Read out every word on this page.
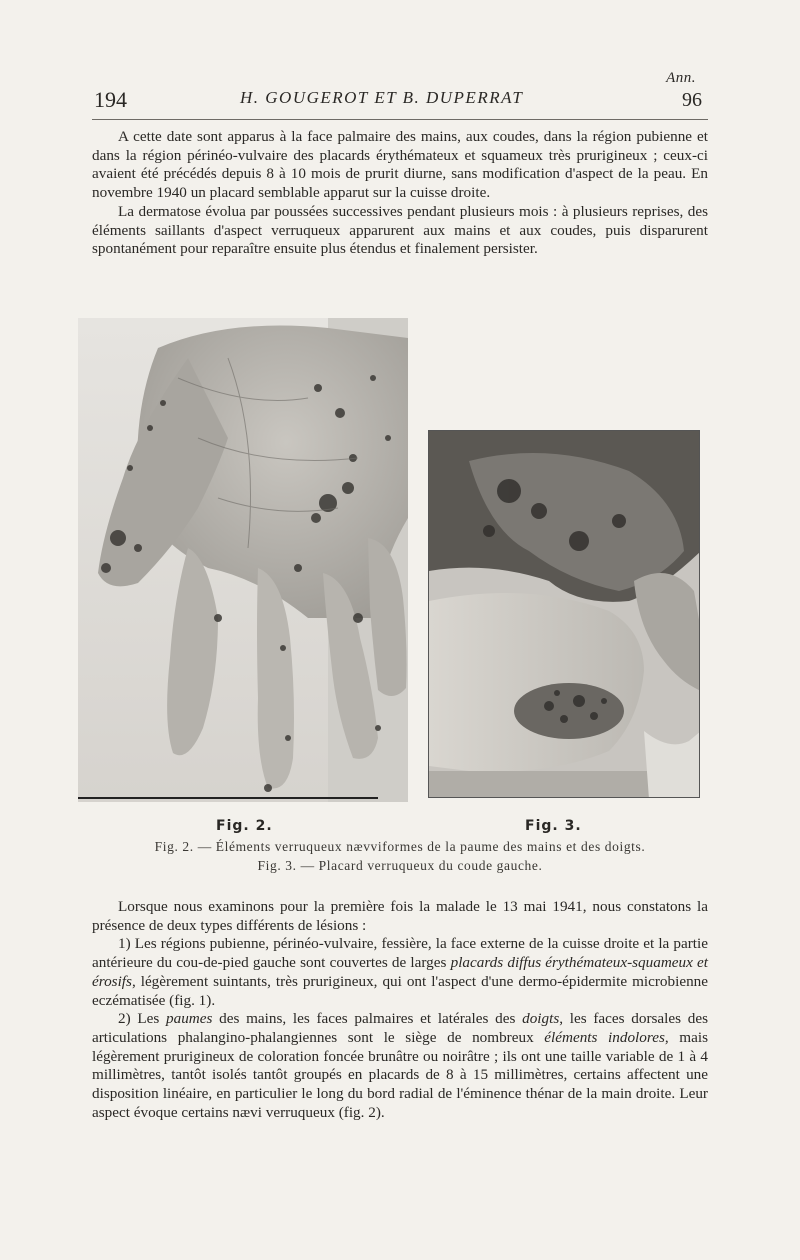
Ann.
194	H. GOUGEROT ET B. DUPERRAT	96

A cette date sont apparus à la face palmaire des mains, aux coudes, dans la région pubienne et dans la région périnéo-vulvaire des placards érythémateux et squameux très prurigineux ; ceux-ci avaient été précédés depuis 8 à 10 mois de prurit diurne, sans modification d'aspect de la peau. En novembre 1940 un placard semblable apparut sur la cuisse droite.

La dermatose évolua par poussées successives pendant plusieurs mois : à plusieurs reprises, des éléments saillants d'aspect verruqueux apparurent aux mains et aux coudes, puis disparurent spontanément pour reparaître ensuite plus étendus et finalement persister.

Fig. 2.	Fig. 3.
Fig. 2. — Éléments verruqueux nævviformes de la paume des mains et des doigts.
Fig. 3. — Placard verruqueux du coude gauche.

Lorsque nous examinons pour la première fois la malade le 13 mai 1941, nous constatons la présence de deux types différents de lésions :

1) Les régions pubienne, périnéo-vulvaire, fessière, la face externe de la cuisse droite et la partie antérieure du cou-de-pied gauche sont couvertes de larges placards diffus érythémateux-squameux et érosifs, légèrement suintants, très prurigineux, qui ont l'aspect d'une dermo-épidermite microbienne eczématisée (fig. 1).

2) Les paumes des mains, les faces palmaires et latérales des doigts, les faces dorsales des articulations phalangino-phalangiennes sont le siège de nombreux éléments indolores, mais légèrement prurigineux de coloration foncée brunâtre ou noirâtre ; ils ont une taille variable de 1 à 4 millimètres, tantôt isolés tantôt groupés en placards de 8 à 15 millimètres, certains affectent une disposition linéaire, en particulier le long du bord radial de l'éminence thénar de la main droite. Leur aspect évoque certains nævi verruqueux (fig. 2).
